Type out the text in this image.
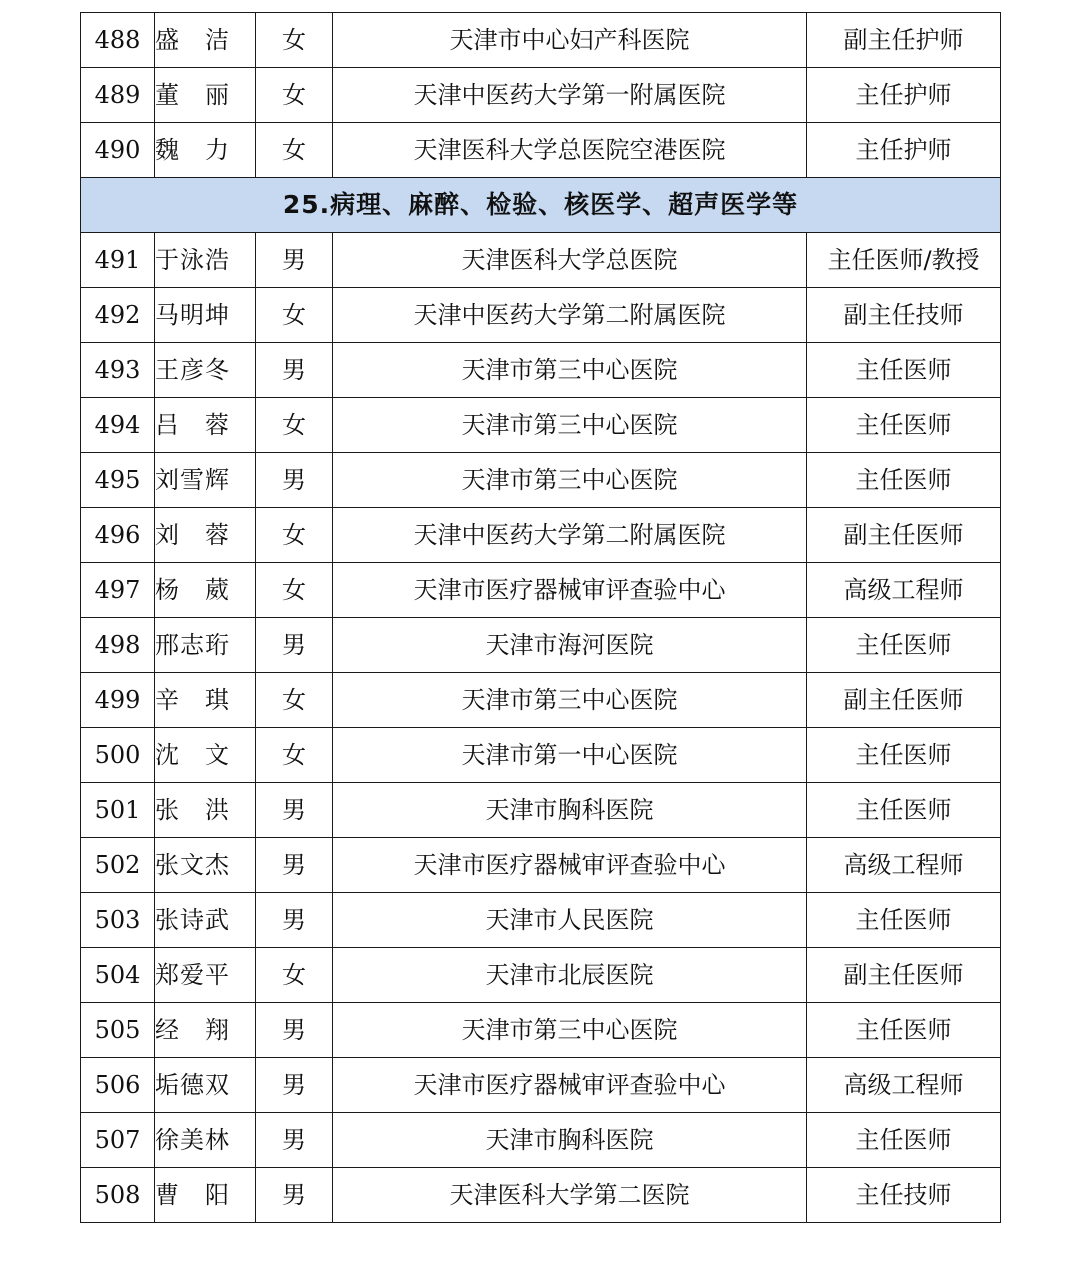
488	盛　洁	女	天津市中心妇产科医院	副主任护师
489	董　丽	女	天津中医药大学第一附属医院	主任护师
490	魏　力	女	天津医科大学总医院空港医院	主任护师
25.病理、麻醉、检验、核医学、超声医学等				
491	于泳浩	男	天津医科大学总医院	主任医师/教授
492	马明坤	女	天津中医药大学第二附属医院	副主任技师
493	王彦冬	男	天津市第三中心医院	主任医师
494	吕　蓉	女	天津市第三中心医院	主任医师
495	刘雪辉	男	天津市第三中心医院	主任医师
496	刘　蓉	女	天津中医药大学第二附属医院	副主任医师
497	杨　葳	女	天津市医疗器械审评查验中心	高级工程师
498	邢志珩	男	天津市海河医院	主任医师
499	辛　琪	女	天津市第三中心医院	副主任医师
500	沈　文	女	天津市第一中心医院	主任医师
501	张　洪	男	天津市胸科医院	主任医师
502	张文杰	男	天津市医疗器械审评查验中心	高级工程师
503	张诗武	男	天津市人民医院	主任医师
504	郑爱平	女	天津市北辰医院	副主任医师
505	经　翔	男	天津市第三中心医院	主任医师
506	垢德双	男	天津市医疗器械审评查验中心	高级工程师
507	徐美林	男	天津市胸科医院	主任医师
508	曹　阳	男	天津医科大学第二医院	主任技师
